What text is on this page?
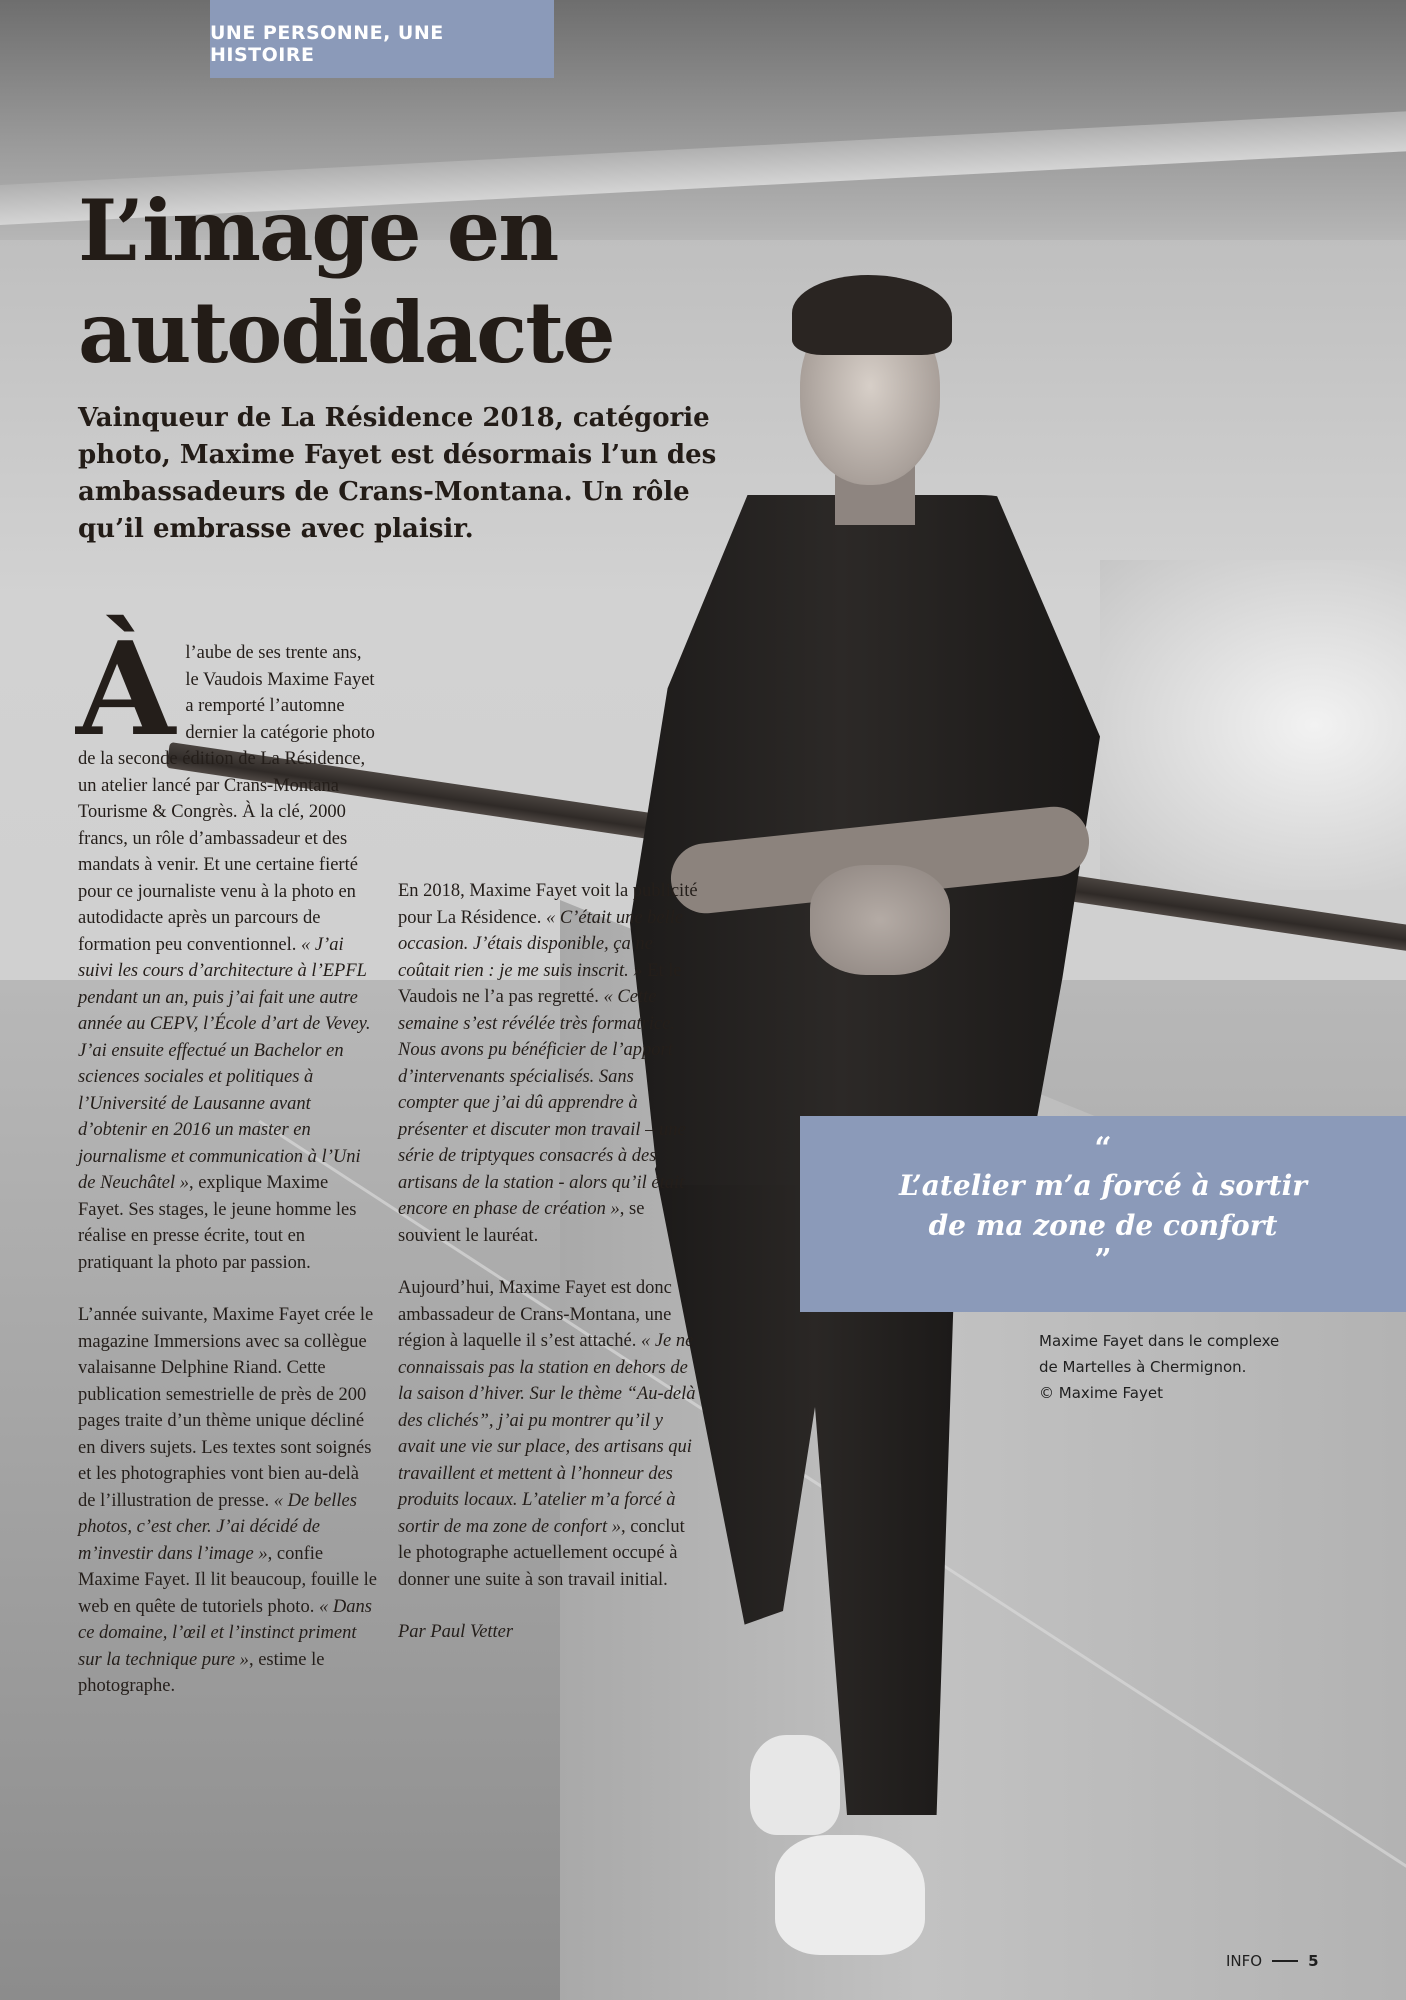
UNE PERSONNE, UNE HISTOIRE
L’image en
autodidacte

Vainqueur de La Résidence 2018, catégorie photo, Maxime Fayet est désormais l’un des ambassadeurs de Crans-Montana. Un rôle qu’il embrasse avec plaisir.

Àl’aube de ses trente ans, le Vaudois Maxime Fayet a remporté l’automne dernier la catégorie photo de la seconde édition de La Résidence, un atelier lancé par Crans-Montana Tourisme & Congrès. À la clé, 2000 francs, un rôle d’ambassadeur et des mandats à venir. Et une certaine fierté pour ce journaliste venu à la photo en autodidacte après un parcours de formation peu conventionnel. « J’ai suivi les cours d’architecture à l’EPFL pendant un an, puis j’ai fait une autre année au CEPV, l’École d’art de Vevey. J’ai ensuite effectué un Bachelor en sciences sociales et politiques à l’Université de Lausanne avant d’obtenir en 2016 un master en journalisme et communication à l’Uni de Neuchâtel », explique Maxime Fayet. Ses stages, le jeune homme les réalise en presse écrite, tout en pratiquant la photo par passion.

L’année suivante, Maxime Fayet crée le magazine Immersions avec sa collègue valaisanne Delphine Riand. Cette publication semestrielle de près de 200 pages traite d’un thème unique décliné en divers sujets. Les textes sont soignés et les photographies vont bien au-delà de l’illustration de presse. « De belles photos, c’est cher. J’ai décidé de m’investir dans l’image », confie Maxime Fayet. Il lit beaucoup, fouille le web en quête de tutoriels photo. « Dans ce domaine, l’œil et l’instinct priment sur la technique pure », estime le photographe.

En 2018, Maxime Fayet voit la publicité pour La Résidence. « C’était une belle occasion. J’étais disponible, ça ne coûtait rien : je me suis inscrit. » Et le Vaudois ne l’a pas regretté. « Cette semaine s’est révélée très formatrice. Nous avons pu bénéficier de l’apport d’intervenants spécialisés. Sans compter que j’ai dû apprendre à présenter et discuter mon travail – une série de triptyques consacrés à des artisans de la station - alors qu’il était encore en phase de création », se souvient le lauréat.

Aujourd’hui, Maxime Fayet est donc ambassadeur de Crans-Montana, une région à laquelle il s’est attaché. « Je ne connaissais pas la station en dehors de la saison d’hiver. Sur le thème “Au-delà des clichés”, j’ai pu montrer qu’il y avait une vie sur place, des artisans qui travaillent et mettent à l’honneur des produits locaux. L’atelier m’a forcé à sortir de ma zone de confort », conclut le photographe actuellement occupé à donner une suite à son travail initial.

Par Paul Vetter

“
L’atelier m’a forcé à sortir
de ma zone de confort
”
Maxime Fayet dans le complexe
de Martelles à Chermignon.
© Maxime Fayet
INFO	5
